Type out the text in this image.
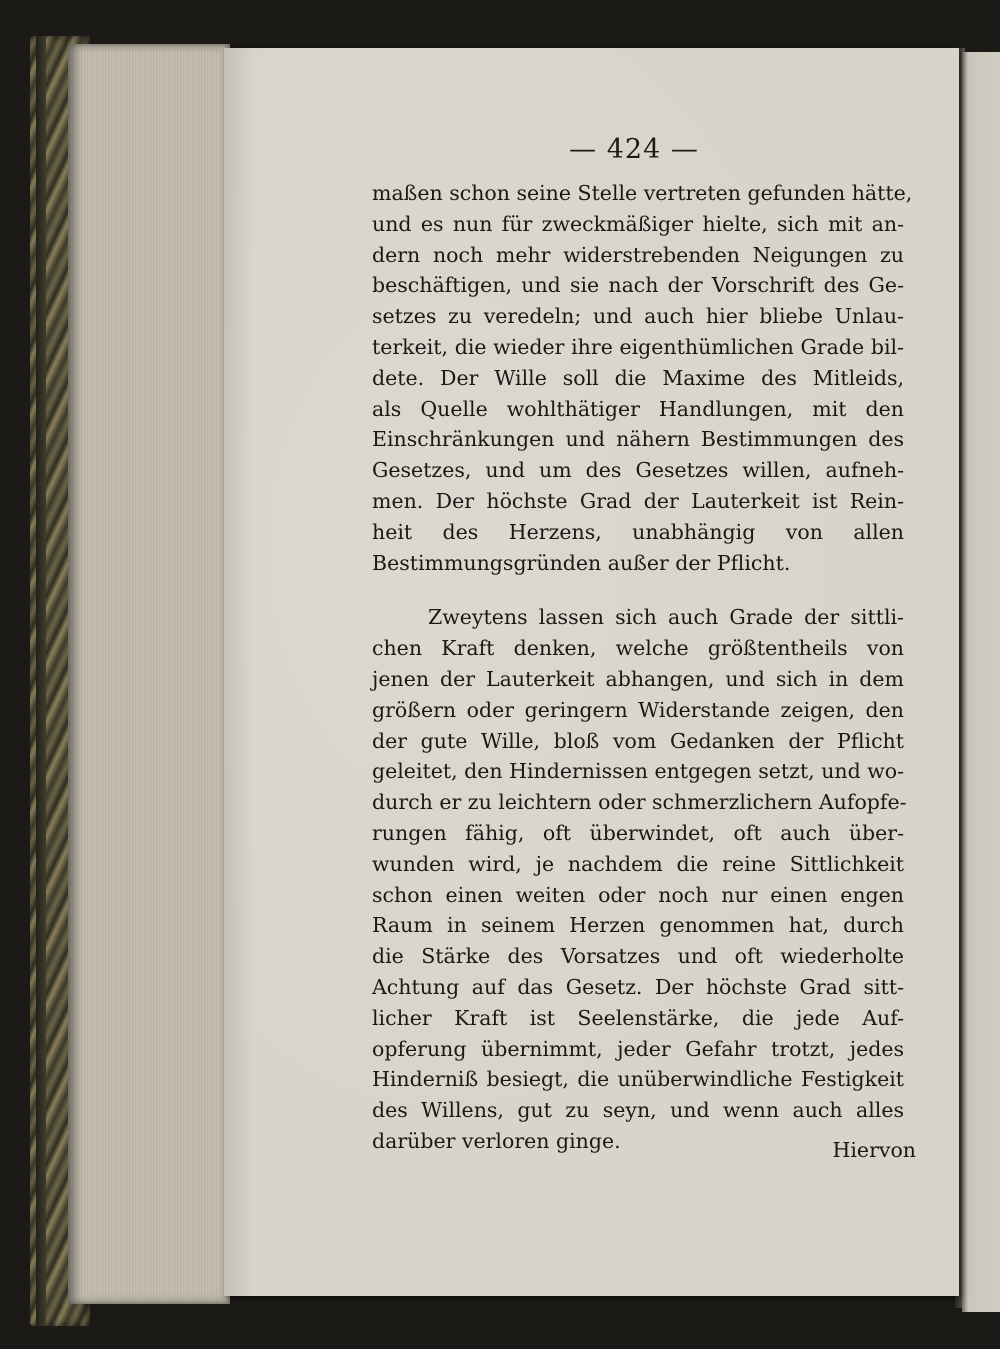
— 424 —
maßen schon seine Stelle vertreten gefunden hätte,
und es nun für zweckmäßiger hielte, sich mit an-
dern noch mehr widerstrebenden Neigungen zu
beschäftigen, und sie nach der Vorschrift des Ge-
setzes zu veredeln; und auch hier bliebe Unlau-
terkeit, die wieder ihre eigenthümlichen Grade bil-
dete. Der Wille soll die Maxime des Mitleids,
als Quelle wohlthätiger Handlungen, mit den
Einschränkungen und nähern Bestimmungen des
Gesetzes, und um des Gesetzes willen, aufneh-
men. Der höchste Grad der Lauterkeit ist Rein-
heit des Herzens, unabhängig von allen
Bestimmungsgründen außer der Pflicht.
Zweytens lassen sich auch Grade der sittli-
chen Kraft denken, welche größtentheils von
jenen der Lauterkeit abhangen, und sich in dem
größern oder geringern Widerstande zeigen, den
der gute Wille, bloß vom Gedanken der Pflicht
geleitet, den Hindernissen entgegen setzt, und wo-
durch er zu leichtern oder schmerzlichern Aufopfe-
rungen fähig, oft überwindet, oft auch über-
wunden wird, je nachdem die reine Sittlichkeit
schon einen weiten oder noch nur einen engen
Raum in seinem Herzen genommen hat, durch
die Stärke des Vorsatzes und oft wiederholte
Achtung auf das Gesetz. Der höchste Grad sitt-
licher Kraft ist Seelenstärke, die jede Auf-
opferung übernimmt, jeder Gefahr trotzt, jedes
Hinderniß besiegt, die unüberwindliche Festigkeit
des Willens, gut zu seyn, und wenn auch alles
darüber verloren ginge.	Hiervon
